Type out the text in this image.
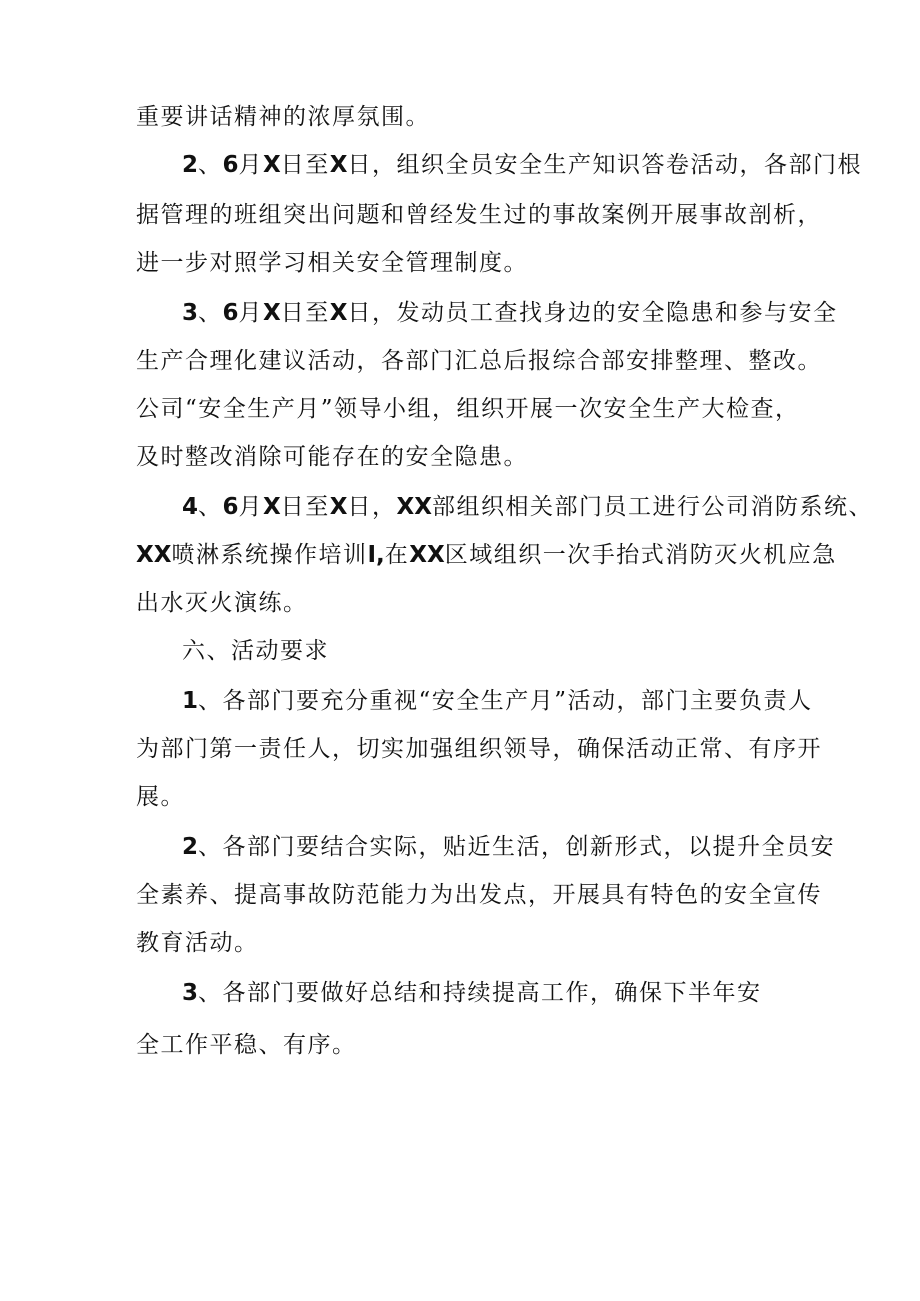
重要讲话精神的浓厚氛围。
2、6月X日至X日，组织全员安全生产知识答卷活动，各部门根
据管理的班组突出问题和曾经发生过的事故案例开展事故剖析，
进一步对照学习相关安全管理制度。
3、6月X日至X日，发动员工查找身边的安全隐患和参与安全
生产合理化建议活动，各部门汇总后报综合部安排整理、整改。
公司“安全生产月”领导小组，组织开展一次安全生产大检查，
及时整改消除可能存在的安全隐患。
4、6月X日至X日，XX部组织相关部门员工进行公司消防系统、
XX喷淋系统操作培训I,在XX区域组织一次手抬式消防灭火机应急
出水灭火演练。
六、活动要求
1、各部门要充分重视“安全生产月”活动，部门主要负责人
为部门第一责任人，切实加强组织领导，确保活动正常、有序开
展。
2、各部门要结合实际，贴近生活，创新形式，以提升全员安
全素养、提高事故防范能力为出发点，开展具有特色的安全宣传
教育活动。
3、各部门要做好总结和持续提高工作，确保下半年安
全工作平稳、有序。
